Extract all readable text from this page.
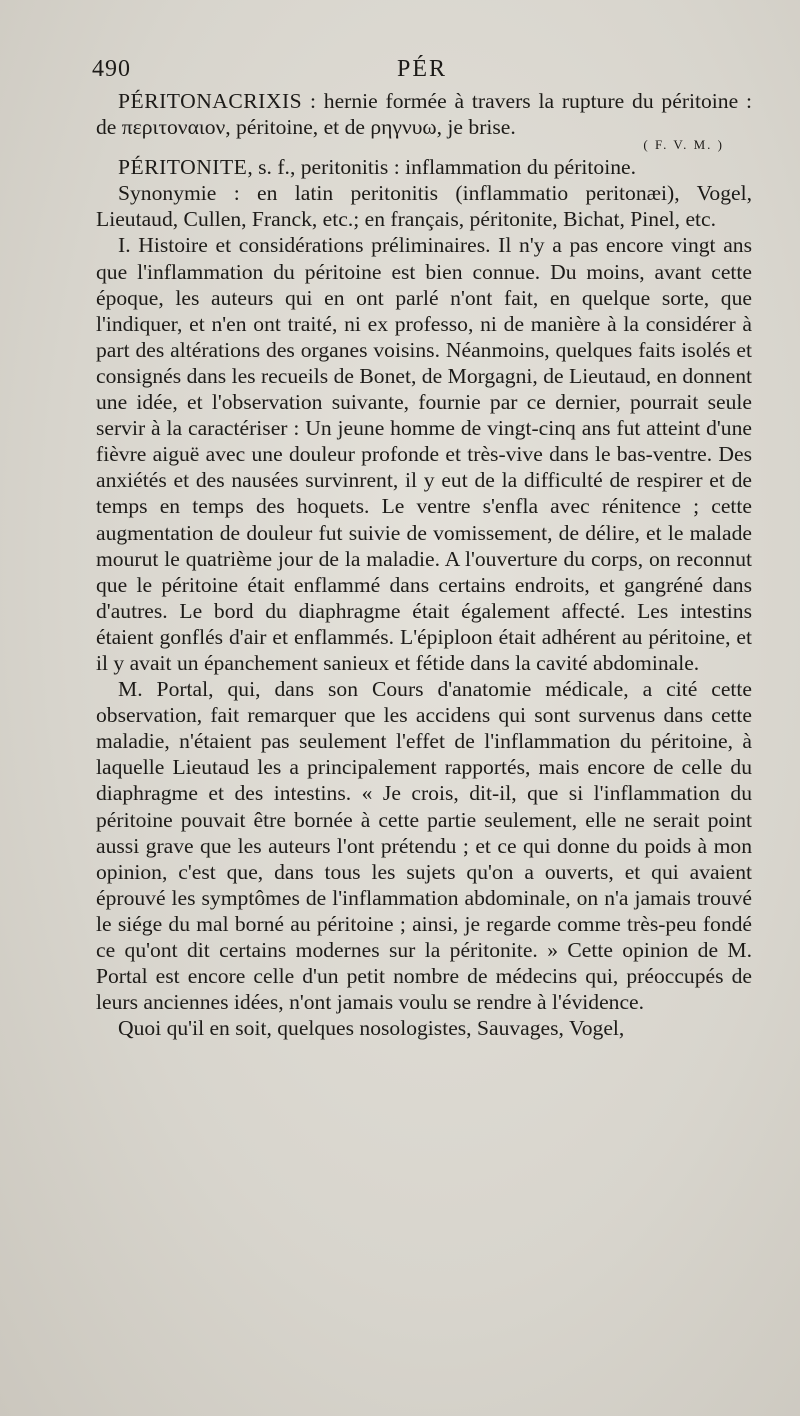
490	PÉR

PÉRITONACRIXIS : hernie formée à travers la rupture du péritoine : de περιτοναιον, péritoine, et de ρηγνυω, je brise.

( F. V. M. )

PÉRITONITE, s. f., peritonitis : inflammation du péritoine.

Synonymie : en latin peritonitis (inflammatio peritonæi), Vogel, Lieutaud, Cullen, Franck, etc.; en français, péritonite, Bichat, Pinel, etc.

I. Histoire et considérations préliminaires. Il n'y a pas encore vingt ans que l'inflammation du péritoine est bien connue. Du moins, avant cette époque, les auteurs qui en ont parlé n'ont fait, en quelque sorte, que l'indiquer, et n'en ont traité, ni ex professo, ni de manière à la considérer à part des altérations des organes voisins. Néanmoins, quelques faits isolés et consignés dans les recueils de Bonet, de Morgagni, de Lieutaud, en donnent une idée, et l'observation suivante, fournie par ce dernier, pourrait seule servir à la caractériser : Un jeune homme de vingt-cinq ans fut atteint d'une fièvre aiguë avec une douleur profonde et très-vive dans le bas-ventre. Des anxiétés et des nausées survinrent, il y eut de la difficulté de respirer et de temps en temps des hoquets. Le ventre s'enfla avec rénitence ; cette augmentation de douleur fut suivie de vomissement, de délire, et le malade mourut le quatrième jour de la maladie. A l'ouverture du corps, on reconnut que le péritoine était enflammé dans certains endroits, et gangréné dans d'autres. Le bord du diaphragme était également affecté. Les intestins étaient gonflés d'air et enflammés. L'épiploon était adhérent au péritoine, et il y avait un épanchement sanieux et fétide dans la cavité abdominale.

M. Portal, qui, dans son Cours d'anatomie médicale, a cité cette observation, fait remarquer que les accidens qui sont survenus dans cette maladie, n'étaient pas seulement l'effet de l'inflammation du péritoine, à laquelle Lieutaud les a principalement rapportés, mais encore de celle du diaphragme et des intestins. « Je crois, dit-il, que si l'inflammation du péritoine pouvait être bornée à cette partie seulement, elle ne serait point aussi grave que les auteurs l'ont prétendu ; et ce qui donne du poids à mon opinion, c'est que, dans tous les sujets qu'on a ouverts, et qui avaient éprouvé les symptômes de l'inflammation abdominale, on n'a jamais trouvé le siége du mal borné au péritoine ; ainsi, je regarde comme très-peu fondé ce qu'ont dit certains modernes sur la péritonite. » Cette opinion de M. Portal est encore celle d'un petit nombre de médecins qui, préoccupés de leurs anciennes idées, n'ont jamais voulu se rendre à l'évidence.

Quoi qu'il en soit, quelques nosologistes, Sauvages, Vogel,
